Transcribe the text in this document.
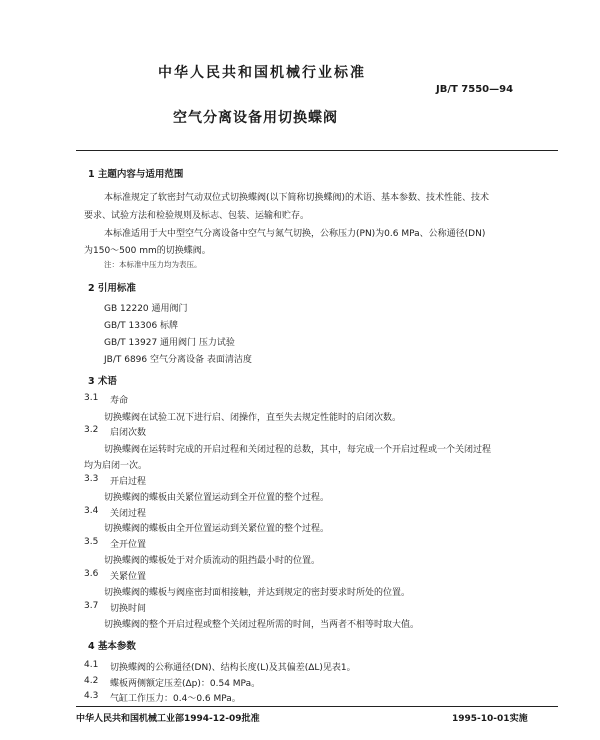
中华人民共和国机械行业标准
JB/T 7550—94
空气分离设备用切换蝶阀
1 主题内容与适用范围
本标准规定了软密封气动双位式切换蝶阀(以下简称切换蝶阀)的术语、基本参数、技术性能、技术
要求、试验方法和检验规则及标志、包装、运输和贮存。
本标准适用于大中型空气分离设备中空气与氮气切换，公称压力(PN)为0.6 MPa、公称通径(DN)
为150～500 mm的切换蝶阀。
注：本标准中压力均为表压。
2 引用标准
GB 12220 通用阀门
GB/T 13306 标牌
GB/T 13927 通用阀门 压力试验
JB/T 6896 空气分离设备 表面清洁度
3 术语
3.1 寿命
切换蝶阀在试验工况下进行启、闭操作，直至失去规定性能时的启闭次数。
3.2 启闭次数
切换蝶阀在运转时完成的开启过程和关闭过程的总数，其中，每完成一个开启过程或一个关闭过程
均为启闭一次。
3.3 开启过程
切换蝶阀的蝶板由关紧位置运动到全开位置的整个过程。
3.4 关闭过程
切换蝶阀的蝶板由全开位置运动到关紧位置的整个过程。
3.5 全开位置
切换蝶阀的蝶板处于对介质流动的阻挡最小时的位置。
3.6 关紧位置
切换蝶阀的蝶板与阀座密封面相接触，并达到规定的密封要求时所处的位置。
3.7 切换时间
切换蝶阀的整个开启过程或整个关闭过程所需的时间，当两者不相等时取大值。
4 基本参数
4.1 切换蝶阀的公称通径(DN)、结构长度(L)及其偏差(ΔL)见表1。
4.2 蝶板两侧额定压差(Δp)：0.54 MPa。
4.3 气缸工作压力：0.4～0.6 MPa。
中华人民共和国机械工业部1994-12-09批准	1995-10-01实施
